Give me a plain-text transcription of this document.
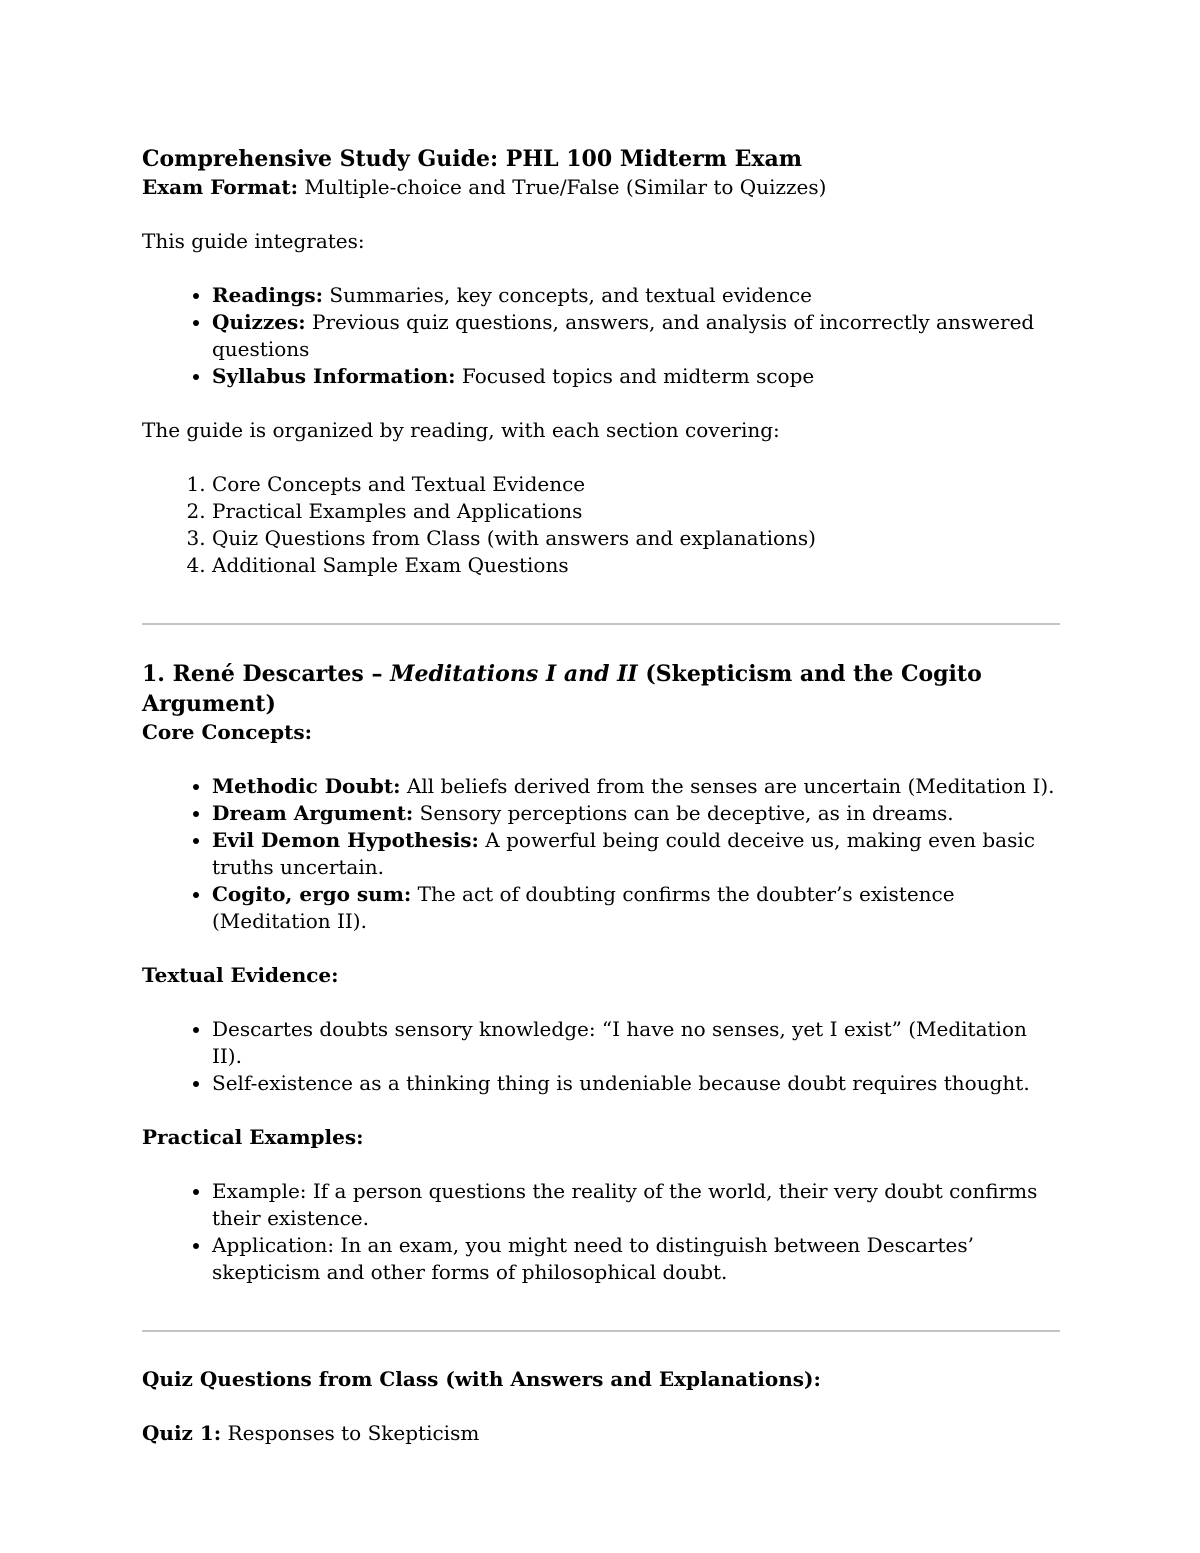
Comprehensive Study Guide: PHL 100 Midterm Exam

Exam Format: Multiple-choice and True/False (Similar to Quizzes)

This guide integrates:

• Readings: Summaries, key concepts, and textual evidence
• Quizzes: Previous quiz questions, answers, and analysis of incorrectly answered questions
• Syllabus Information: Focused topics and midterm scope

The guide is organized by reading, with each section covering:

1. Core Concepts and Textual Evidence
2. Practical Examples and Applications
3. Quiz Questions from Class (with answers and explanations)
4. Additional Sample Exam Questions
1. René Descartes – Meditations I and II (Skepticism and the Cogito Argument)

Core Concepts:

• Methodic Doubt: All beliefs derived from the senses are uncertain (Meditation I).
• Dream Argument: Sensory perceptions can be deceptive, as in dreams.
• Evil Demon Hypothesis: A powerful being could deceive us, making even basic truths uncertain.
• Cogito, ergo sum: The act of doubting confirms the doubter’s existence (Meditation II).

Textual Evidence:

• Descartes doubts sensory knowledge: “I have no senses, yet I exist” (Meditation II).
• Self-existence as a thinking thing is undeniable because doubt requires thought.

Practical Examples:

• Example: If a person questions the reality of the world, their very doubt confirms their existence.
• Application: In an exam, you might need to distinguish between Descartes’ skepticism and other forms of philosophical doubt.

Quiz Questions from Class (with Answers and Explanations):

Quiz 1: Responses to Skepticism
